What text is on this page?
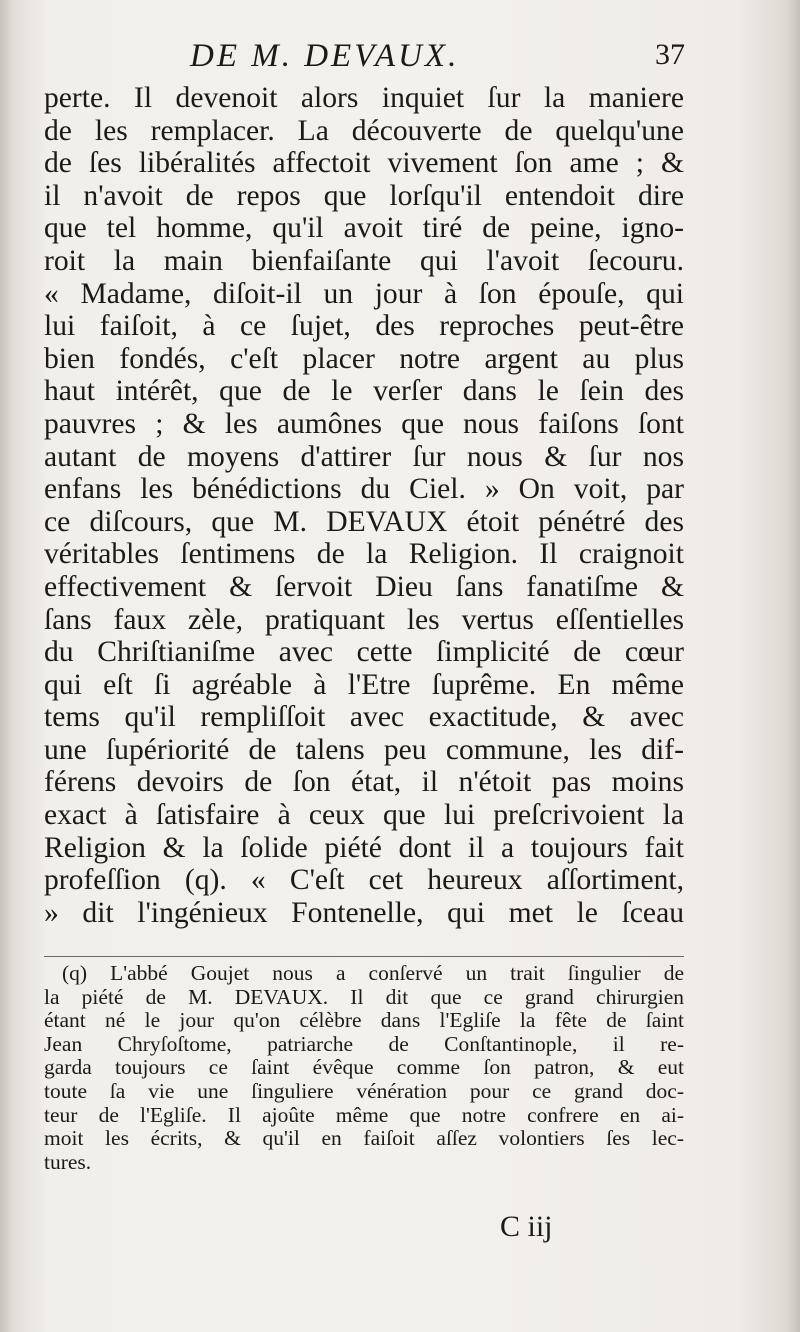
DE M. DEVAUX.	37
perte. Il devenoit alors inquiet ſur la maniere
de les remplacer. La découverte de quelqu'une
de ſes libéralités affectoit vivement ſon ame ; &
il n'avoit de repos que lorſqu'il entendoit dire
que tel homme, qu'il avoit tiré de peine, igno-
roit la main bienfaiſante qui l'avoit ſecouru.
« Madame, diſoit-il un jour à ſon épouſe, qui
lui faiſoit, à ce ſujet, des reproches peut-être
bien fondés, c'eſt placer notre argent au plus
haut intérêt, que de le verſer dans le ſein des
pauvres ; & les aumônes que nous faiſons ſont
autant de moyens d'attirer ſur nous & ſur nos
enfans les bénédictions du Ciel. » On voit, par
ce diſcours, que M. DEVAUX étoit pénétré des
véritables ſentimens de la Religion. Il craignoit
effectivement & ſervoit Dieu ſans fanatiſme &
ſans faux zèle, pratiquant les vertus eſſentielles
du Chriſtianiſme avec cette ſimplicité de cœur
qui eſt ſi agréable à l'Etre ſuprême. En même
tems qu'il rempliſſoit avec exactitude, & avec
une ſupériorité de talens peu commune, les dif-
férens devoirs de ſon état, il n'étoit pas moins
exact à ſatisfaire à ceux que lui preſcrivoient la
Religion & la ſolide piété dont il a toujours fait
profeſſion (q). « C'eſt cet heureux aſſortiment,
» dit l'ingénieux Fontenelle, qui met le ſceau
(q) L'abbé Goujet nous a conſervé un trait ſingulier de
la piété de M. DEVAUX. Il dit que ce grand chirurgien
étant né le jour qu'on célèbre dans l'Egliſe la fête de ſaint
Jean Chryſoſtome, patriarche de Conſtantinople, il re-
garda toujours ce ſaint évêque comme ſon patron, & eut
toute ſa vie une ſinguliere vénération pour ce grand doc-
teur de l'Egliſe. Il ajoûte même que notre confrere en ai-
moit les écrits, & qu'il en faiſoit aſſez volontiers ſes lec-
tures.
C iij
